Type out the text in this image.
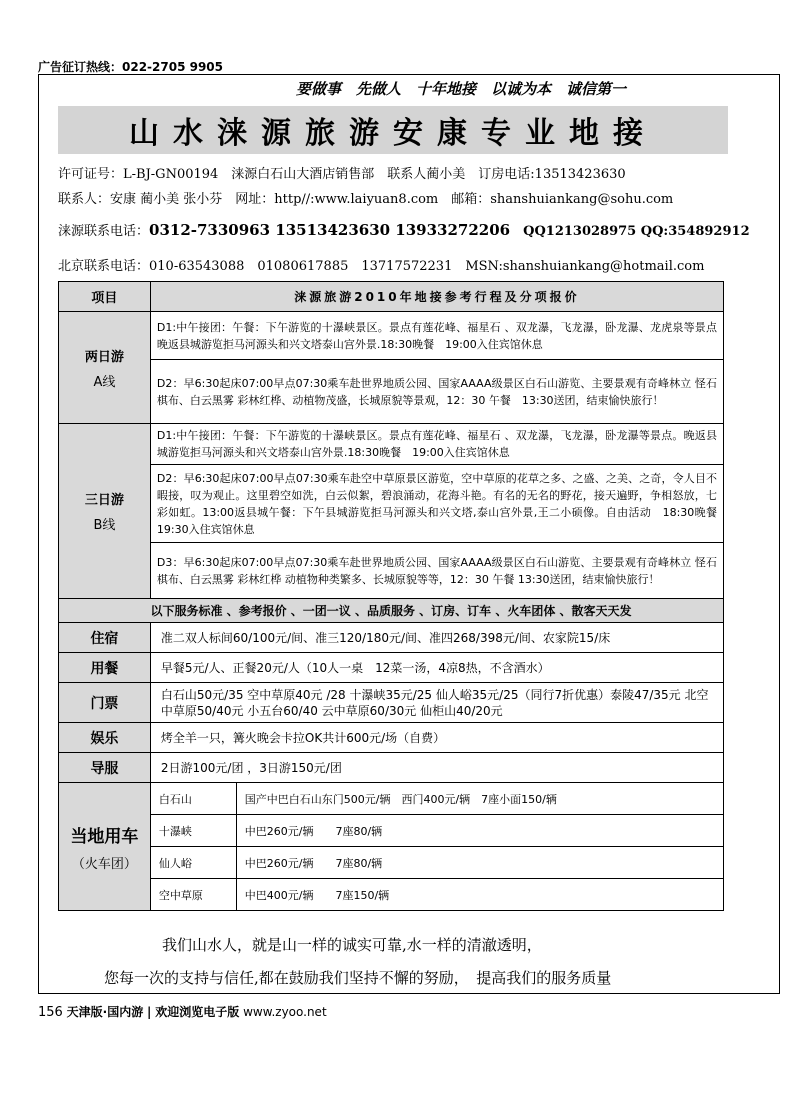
广告征订热线：022-2705 9905
要做事　先做人　十年地接　以诚为本　诚信第一
山水涞源旅游安康专业地接
许可证号：L-BJ-GN00194　涞源白石山大酒店销售部　联系人蔺小美　订房电话:13513423630
联系人：安康 蔺小美 张小芬　网址：http//:www.laiyuan8.com　邮箱：shanshuiankang@sohu.com
涞源联系电话：0312-7330963 13513423630 13933272206　 QQ1213028975 QQ:354892912
北京联系电话：010-63543088　01080617885　13717572231　MSN:shanshuiankang@hotmail.com
项目	涞源旅游2010年地接参考行程及分项报价	

两日游
A线	D1:中午接团：午餐：下午游览的十瀑峡景区。景点有莲花峰、福星石 、双龙瀑，飞龙瀑，卧龙瀑、龙虎泉等景点晚返县城游览拒马河源头和兴文塔泰山宫外景.18:30晚餐　19:00入住宾馆休息	
	D2：早6:30起床07:00早点07:30乘车赴世界地质公园、国家AAAA级景区白石山游览、主要景观有奇峰林立 怪石棋布、白云黑雾 彩林红桦、动植物茂盛，长城原貌等景观，12：30 午餐　13:30送团，结束愉快旅行！	

三日游
B线	D1:中午接团：午餐：下午游览的十瀑峡景区。景点有莲花峰、福星石 、双龙瀑，飞龙瀑，卧龙瀑等景点。晚返县城游览拒马河源头和兴文塔泰山宫外景.18:30晚餐　19:00入住宾馆休息	
	D2：早6:30起床07:00早点07:30乘车赴空中草原景区游览，空中草原的花草之多、之盛、之美、之奇，令人目不暇接，叹为观止。这里碧空如洗，白云似絮，碧浪涌动，花海斗艳。有名的无名的野花，接天遍野，争相怒放，七彩如虹。13:00返县城午餐：下午县城游览拒马河源头和兴文塔,泰山宫外景,王二小硕像。自由活动　18:30晚餐　　19:30入住宾馆休息	
	D3：早6:30起床07:00早点07:30乘车赴世界地质公园、国家AAAA级景区白石山游览、主要景观有奇峰林立 怪石棋布、白云黑雾 彩林红桦 动植物种类繁多、长城原貌等等，12：30 午餐 13:30送团，结束愉快旅行！	
以下服务标准 、参考报价 、一团一议 、品质服务 、订房、订车 、火车团体 、散客天天发		
住宿	准二双人标间60/100元/间、准三120/180元/间、准四268/398元/间、农家院15/床	
用餐	早餐5元/人、正餐20元/人（10人一桌　12菜一汤，4凉8热，不含酒水）	
门票	白石山50元/35 空中草原40元 /28 十瀑峡35元/25 仙人峪35元/25（同行7折优惠）泰陵47/35元 北空中草原50/40元 小五台60/40 云中草原60/30元 仙柜山40/20元	
娱乐	烤全羊一只，篝火晚会卡拉OK共计600元/场（自费）	
导服	2日游100元/团 ，3日游150元/团	

当地用车
（火车团）	白石山	国产中巴白石山东门500元/辆　西门400元/辆　7座小面150/辆
	十瀑峡	中巴260元/辆　　7座80/辆
	仙人峪	中巴260元/辆　　7座80/辆
	空中草原	中巴400元/辆　　7座150/辆
我们山水人，就是山一样的诚实可靠,水一样的清澈透明，
您每一次的支持与信任,都在鼓励我们坚持不懈的努励，　提高我们的服务质量
156 天津版·国内游 | 欢迎浏览电子版 www.zyoo.net
